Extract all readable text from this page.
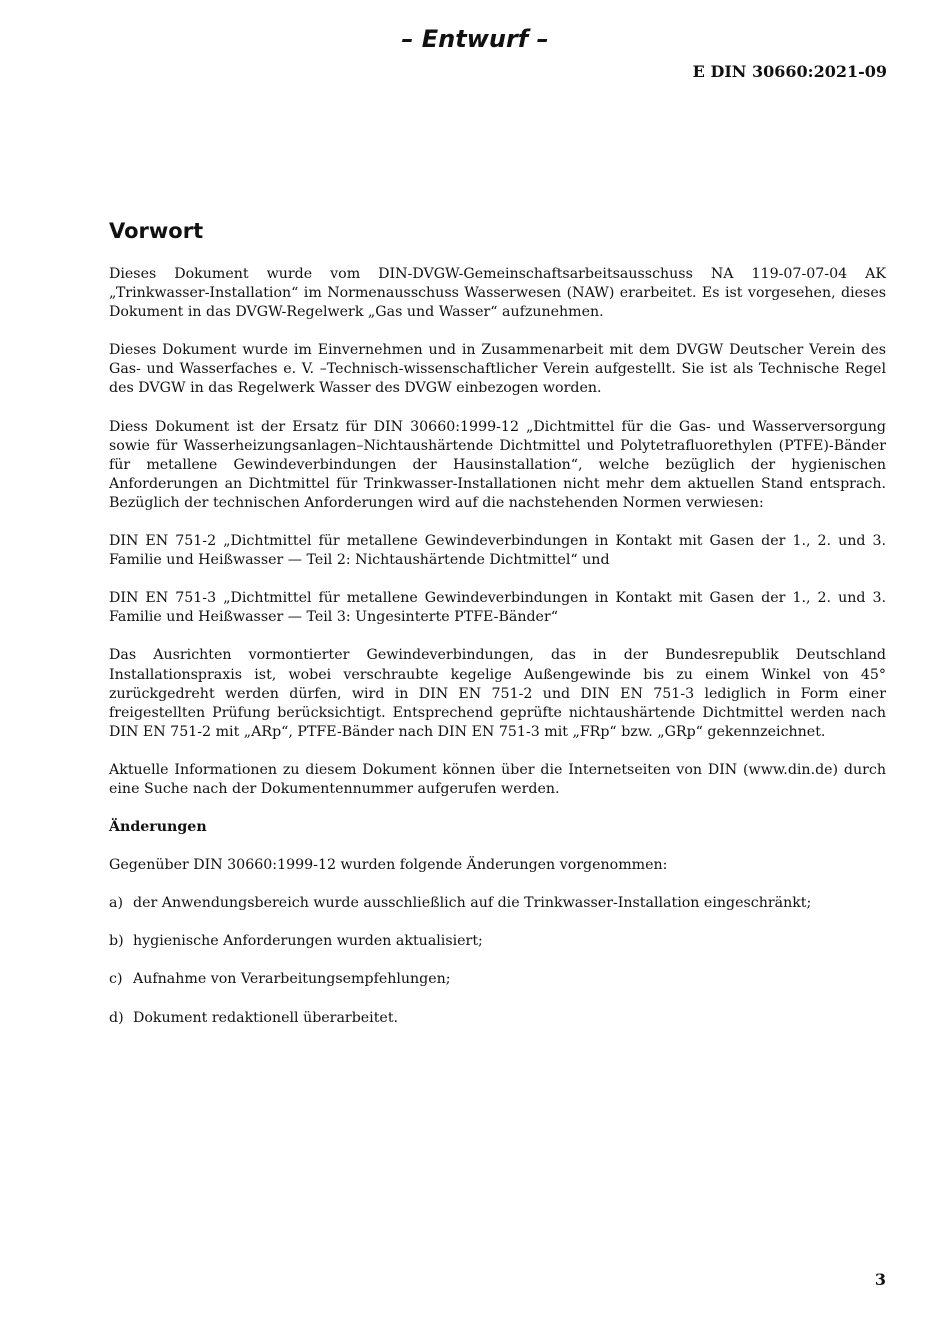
– Entwurf –
E DIN 30660:2021-09
Vorwort

Dieses Dokument wurde vom DIN-DVGW-Gemeinschaftsarbeitsausschuss NA 119-07-07-04 AK „Trinkwasser-Installation“ im Normenausschuss Wasserwesen (NAW) erarbeitet. Es ist vorgesehen, dieses Dokument in das DVGW-Regelwerk „Gas und Wasser“ aufzunehmen.

Dieses Dokument wurde im Einvernehmen und in Zusammenarbeit mit dem DVGW Deutscher Verein des Gas- und Wasserfaches e. V. –Technisch-wissenschaftlicher Verein aufgestellt. Sie ist als Technische Regel des DVGW in das Regelwerk Wasser des DVGW einbezogen worden.

Diess Dokument ist der Ersatz für DIN 30660:1999-12 „Dichtmittel für die Gas- und Wasserversorgung sowie für Wasserheizungsanlagen–Nichtaushärtende Dichtmittel und Polytetrafluorethylen (PTFE)-Bänder für metallene Gewindeverbindungen der Hausinstallation“, welche bezüglich der hygienischen Anforderungen an Dichtmittel für Trinkwasser-Installationen nicht mehr dem aktuellen Stand entsprach. Bezüglich der technischen Anforderungen wird auf die nachstehenden Normen verwiesen:

DIN EN 751-2 „Dichtmittel für metallene Gewindeverbindungen in Kontakt mit Gasen der 1., 2. und 3. Familie und Heißwasser — Teil 2: Nichtaushärtende Dichtmittel“ und

DIN EN 751-3 „Dichtmittel für metallene Gewindeverbindungen in Kontakt mit Gasen der 1., 2. und 3. Familie und Heißwasser — Teil 3: Ungesinterte PTFE-Bänder“

Das Ausrichten vormontierter Gewindeverbindungen, das in der Bundesrepublik Deutschland Installationspraxis ist, wobei verschraubte kegelige Außengewinde bis zu einem Winkel von 45° zurückgedreht werden dürfen, wird in DIN EN 751-2 und DIN EN 751-3 lediglich in Form einer freigestellten Prüfung berücksichtigt. Entsprechend geprüfte nichtaushärtende Dichtmittel werden nach DIN EN 751-2 mit „ARp“, PTFE-Bänder nach DIN EN 751-3 mit „FRp“ bzw. „GRp“ gekennzeichnet.

Aktuelle Informationen zu diesem Dokument können über die Internetseiten von DIN (www.din.de) durch eine Suche nach der Dokumentennummer aufgerufen werden.

Änderungen

Gegenüber DIN 30660:1999-12 wurden folgende Änderungen vorgenommen:

a) der Anwendungsbereich wurde ausschließlich auf die Trinkwasser-Installation eingeschränkt;
b) hygienische Anforderungen wurden aktualisiert;
c) Aufnahme von Verarbeitungsempfehlungen;
d) Dokument redaktionell überarbeitet.
3
